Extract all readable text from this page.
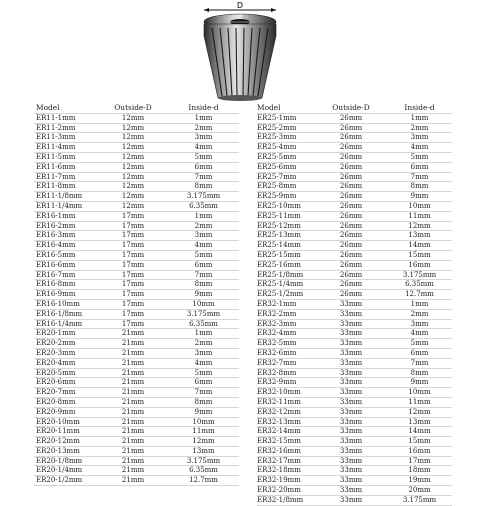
D
d
Model	Outside-D	Inside-d
ER11-1mm	12mm	1mm
ER11-2mm	12mm	2mm
ER11-3mm	12mm	3mm
ER11-4mm	12mm	4mm
ER11-5mm	12mm	5mm
ER11-6mm	12mm	6mm
ER11-7mm	12mm	7mm
ER11-8mm	12mm	8mm
ER11-1/8mm	12mm	3.175mm
ER11-1/4mm	12mm	6.35mm
ER16-1mm	17mm	1mm
ER16-2mm	17mm	2mm
ER16-3mm	17mm	3mm
ER16-4mm	17mm	4mm
ER16-5mm	17mm	5mm
ER16-6mm	17mm	6mm
ER16-7mm	17mm	7mm
ER16-8mm	17mm	8mm
ER16-9mm	17mm	9mm
ER16-10mm	17mm	10mm
ER16-1/8mm	17mm	3.175mm
ER16-1/4mm	17mm	6.35mm
ER20-1mm	21mm	1mm
ER20-2mm	21mm	2mm
ER20-3mm	21mm	3mm
ER20-4mm	21mm	4mm
ER20-5mm	21mm	5mm
ER20-6mm	21mm	6mm
ER20-7mm	21mm	7mm
ER20-8mm	21mm	8mm
ER20-9mm	21mm	9mm
ER20-10mm	21mm	10mm
ER20-11mm	21mm	11mm
ER20-12mm	21mm	12mm
ER20-13mm	21mm	13mm
ER20-1/8mm	21mm	3.175mm
ER20-1/4mm	21mm	6.35mm
ER20-1/2mm	21mm	12.7mm
Model	Outside-D	Inside-d
ER25-1mm	26mm	1mm
ER25-2mm	26mm	2mm
ER25-3mm	26mm	3mm
ER25-4mm	26mm	4mm
ER25-5mm	26mm	5mm
ER25-6mm	26mm	6mm
ER25-7mm	26mm	7mm
ER25-8mm	26mm	8mm
ER25-9mm	26mm	9mm
ER25-10mm	26mm	10mm
ER25-11mm	26mm	11mm
ER25-12mm	26mm	12mm
ER25-13mm	26mm	13mm
ER25-14mm	26mm	14mm
ER25-15mm	26mm	15mm
ER25-16mm	26mm	16mm
ER25-1/8mm	26mm	3.175mm
ER25-1/4mm	26mm	6.35mm
ER25-1/2mm	26mm	12.7mm
ER32-1mm	33mm	1mm
ER32-2mm	33mm	2mm
ER32-3mm	33mm	3mm
ER32-4mm	33mm	4mm
ER32-5mm	33mm	5mm
ER32-6mm	33mm	6mm
ER32-7mm	33mm	7mm
ER32-8mm	33mm	8mm
ER32-9mm	33mm	9mm
ER32-10mm	33mm	10mm
ER32-11mm	33mm	11mm
ER32-12mm	33mm	12mm
ER32-13mm	33mm	13mm
ER32-14mm	33mm	14mm
ER32-15mm	33mm	15mm
ER32-16mm	33mm	16mm
ER32-17mm	33mm	17mm
ER32-18mm	33mm	18mm
ER32-19mm	33mm	19mm
ER32-20mm	33mm	20mm
ER32-1/8mm	33mm	3.175mm
